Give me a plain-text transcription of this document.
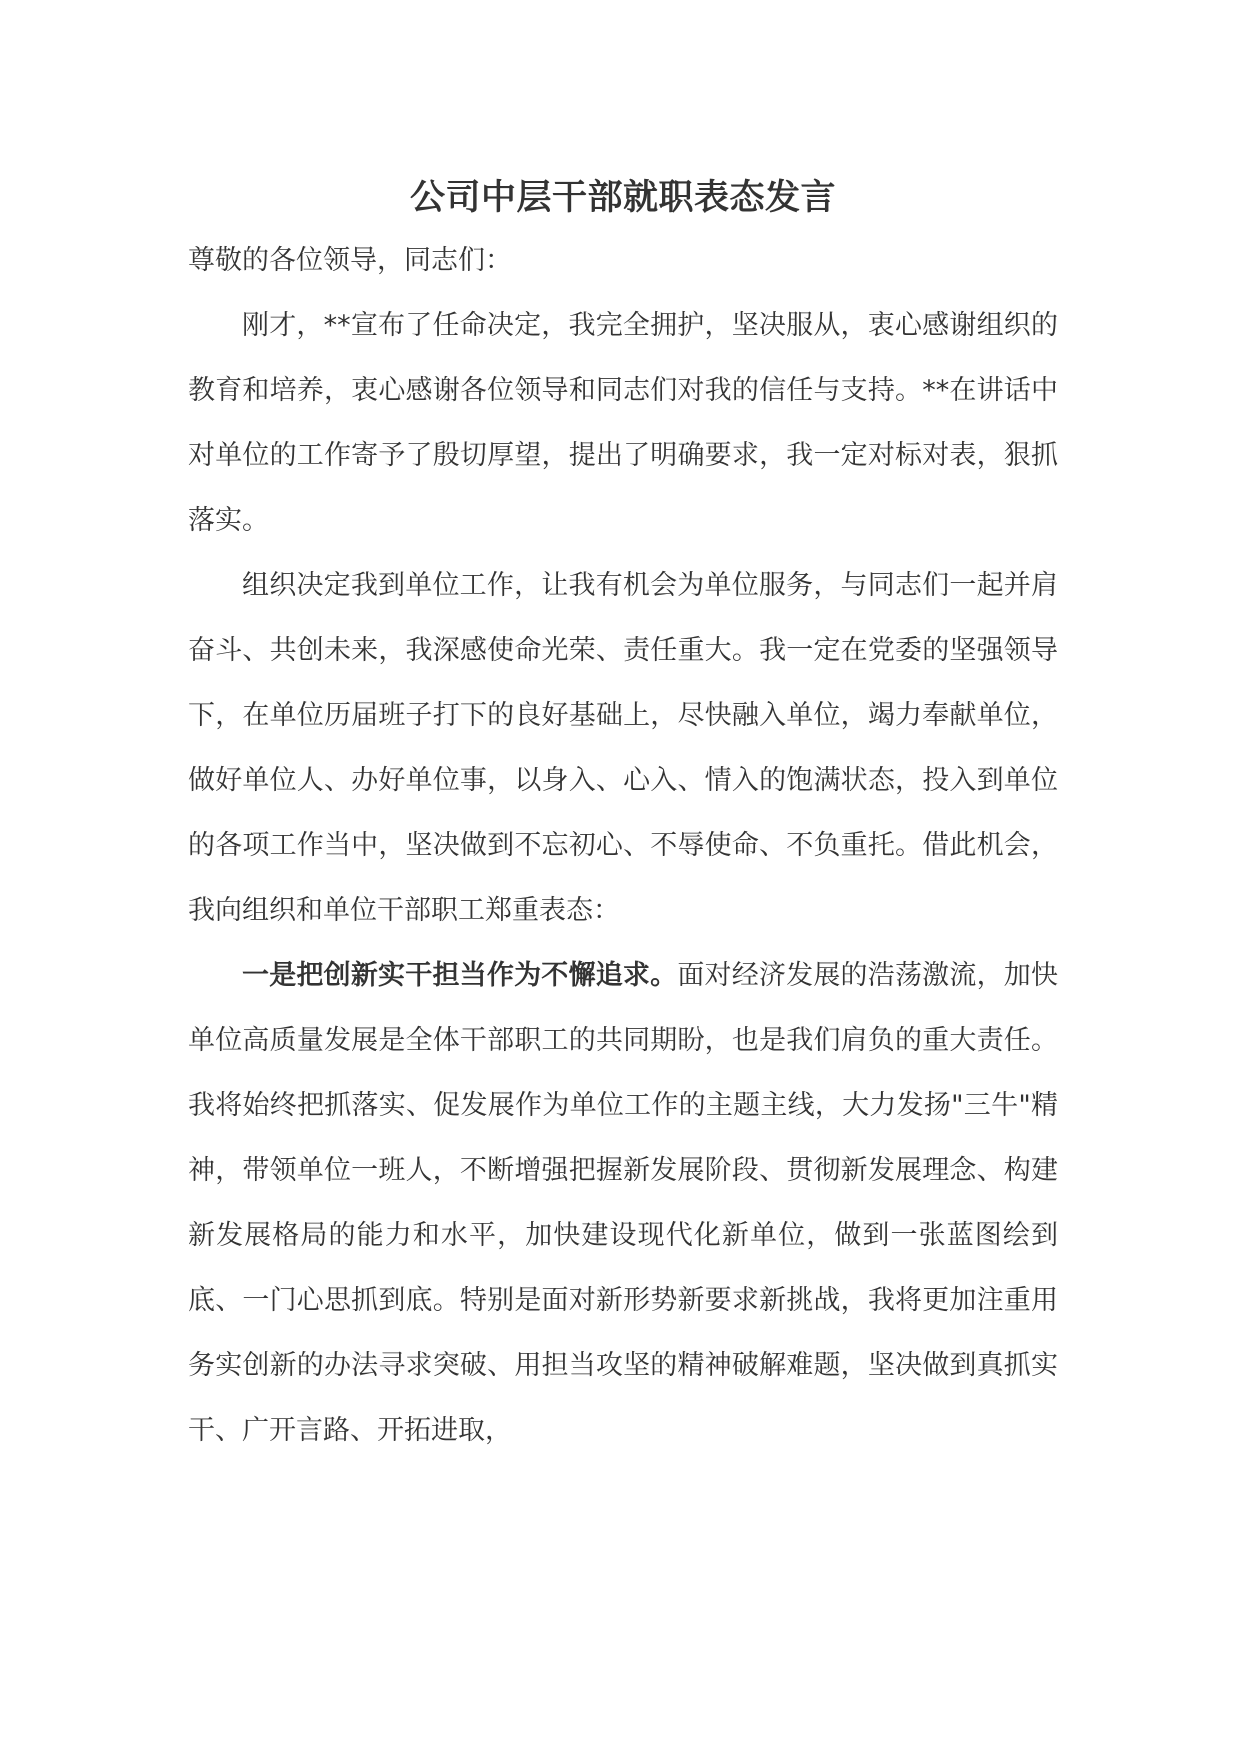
公司中层干部就职表态发言

尊敬的各位领导，同志们：

刚才，**宣布了任命决定，我完全拥护，坚决服从，衷心感谢组织的教育和培养，衷心感谢各位领导和同志们对我的信任与支持。**在讲话中对单位的工作寄予了殷切厚望，提出了明确要求，我一定对标对表，狠抓落实。

组织决定我到单位工作，让我有机会为单位服务，与同志们一起并肩奋斗、共创未来，我深感使命光荣、责任重大。我一定在党委的坚强领导下，在单位历届班子打下的良好基础上，尽快融入单位，竭力奉献单位，做好单位人、办好单位事，以身入、心入、情入的饱满状态，投入到单位的各项工作当中，坚决做到不忘初心、不辱使命、不负重托。借此机会，我向组织和单位干部职工郑重表态：

一是把创新实干担当作为不懈追求。面对经济发展的浩荡激流，加快单位高质量发展是全体干部职工的共同期盼，也是我们肩负的重大责任。我将始终把抓落实、促发展作为单位工作的主题主线，大力发扬"三牛"精神，带领单位一班人，不断增强把握新发展阶段、贯彻新发展理念、构建新发展格局的能力和水平，加快建设现代化新单位，做到一张蓝图绘到底、一门心思抓到底。特别是面对新形势新要求新挑战，我将更加注重用务实创新的办法寻求突破、用担当攻坚的精神破解难题，坚决做到真抓实干、广开言路、开拓进取，
